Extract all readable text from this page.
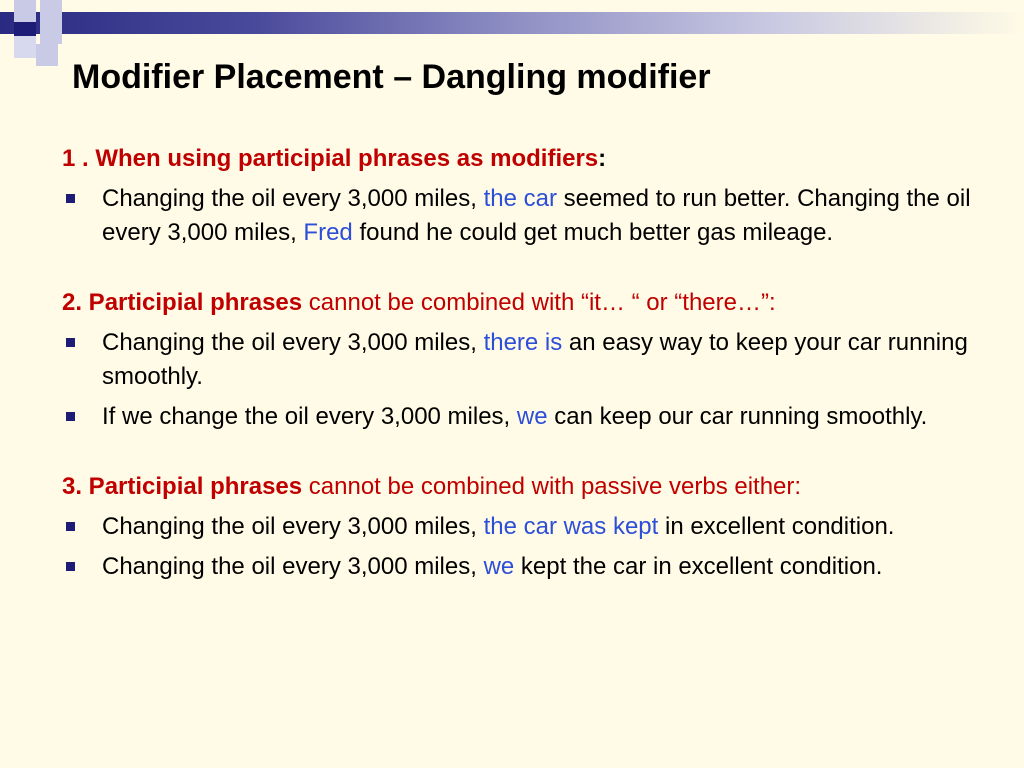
Modifier Placement – Dangling modifier

1 . When using participial phrases as modifiers:

Changing the oil every 3,000 miles, the car seemed to run better. Changing the oil every 3,000 miles, Fred found he could get much better gas mileage.

2. Participial phrases cannot be combined with “it… “ or “there…”:

Changing the oil every 3,000 miles, there is an easy way to keep your car running smoothly.
If we change the oil every 3,000 miles, we can keep our car running smoothly.

3. Participial phrases cannot be combined with passive verbs either:

Changing the oil every 3,000 miles, the car was kept in excellent condition.
Changing the oil every 3,000 miles, we kept the car in excellent condition.
